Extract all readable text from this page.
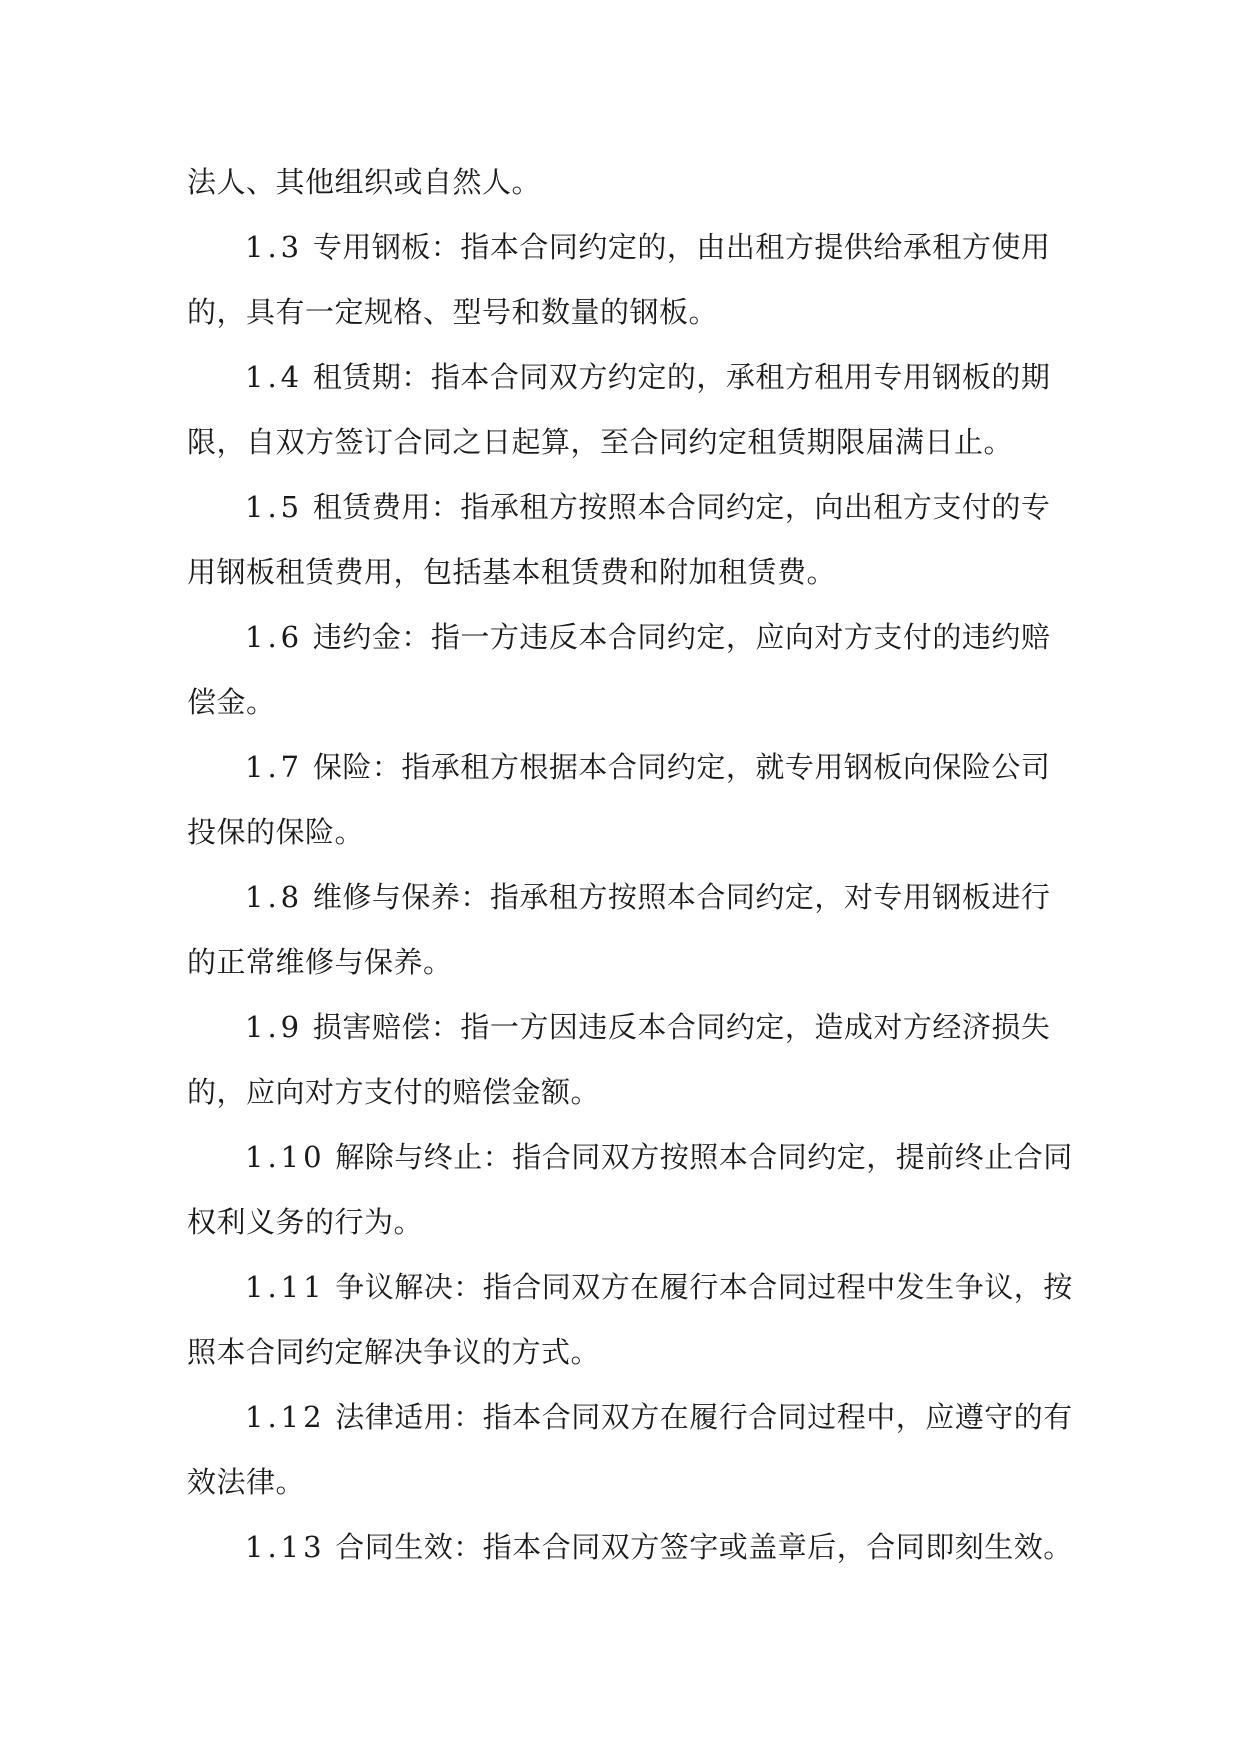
法人、其他组织或自然人。

1.3 专用钢板：指本合同约定的，由出租方提供给承租方使用
的，具有一定规格、型号和数量的钢板。

1.4 租赁期：指本合同双方约定的，承租方租用专用钢板的期
限，自双方签订合同之日起算，至合同约定租赁期限届满日止。

1.5 租赁费用：指承租方按照本合同约定，向出租方支付的专
用钢板租赁费用，包括基本租赁费和附加租赁费。

1.6 违约金：指一方违反本合同约定，应向对方支付的违约赔
偿金。

1.7 保险：指承租方根据本合同约定，就专用钢板向保险公司
投保的保险。

1.8 维修与保养：指承租方按照本合同约定，对专用钢板进行
的正常维修与保养。

1.9 损害赔偿：指一方因违反本合同约定，造成对方经济损失
的，应向对方支付的赔偿金额。

1.10 解除与终止：指合同双方按照本合同约定，提前终止合同
权利义务的行为。

1.11 争议解决：指合同双方在履行本合同过程中发生争议，按
照本合同约定解决争议的方式。

1.12 法律适用：指本合同双方在履行合同过程中，应遵守的有
效法律。

1.13 合同生效：指本合同双方签字或盖章后，合同即刻生效。
